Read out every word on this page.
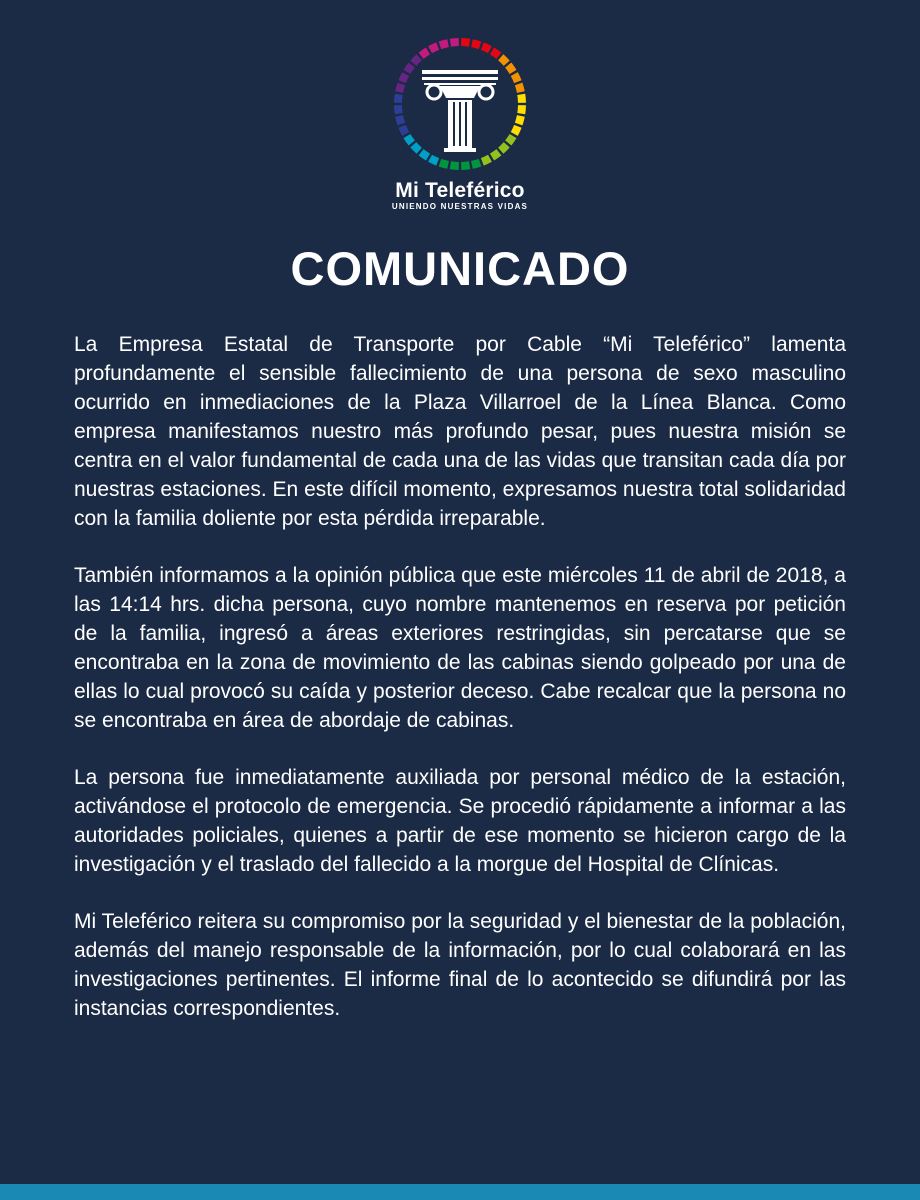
Mi Teleférico
UNIENDO NUESTRAS VIDAS
COMUNICADO

La Empresa Estatal de Transporte por Cable “Mi Teleférico” lamenta profundamente el sensible fallecimiento de una persona de sexo masculino ocurrido en inmediaciones de la Plaza Villarroel de la Línea Blanca. Como empresa manifestamos nuestro más profundo pesar, pues nuestra misión se centra en el valor fundamental de cada una de las vidas que transitan cada día por nuestras estaciones. En este difícil momento, expresamos nuestra total solidaridad con la familia doliente por esta pérdida irreparable.

También informamos a la opinión pública que este miércoles 11 de abril de 2018, a las 14:14 hrs. dicha persona, cuyo nombre mantenemos en reserva por petición de la familia, ingresó a áreas exteriores restringidas, sin percatarse que se encontraba en la zona de movimiento de las cabinas siendo golpeado por una de ellas lo cual provocó su caída y posterior deceso. Cabe recalcar que la persona no se encontraba en área de abordaje de cabinas.

La persona fue inmediatamente auxiliada por personal médico de la estación, activándose el protocolo de emergencia. Se procedió rápidamente a informar a las autoridades policiales, quienes a partir de ese momento se hicieron cargo de la investigación y el traslado del fallecido a la morgue del Hospital de Clínicas.

Mi Teleférico reitera su compromiso por la seguridad y el bienestar de la población, además del manejo responsable de la información, por lo cual colaborará en las investigaciones pertinentes. El informe final de lo acontecido se difundirá por las instancias correspondientes.
